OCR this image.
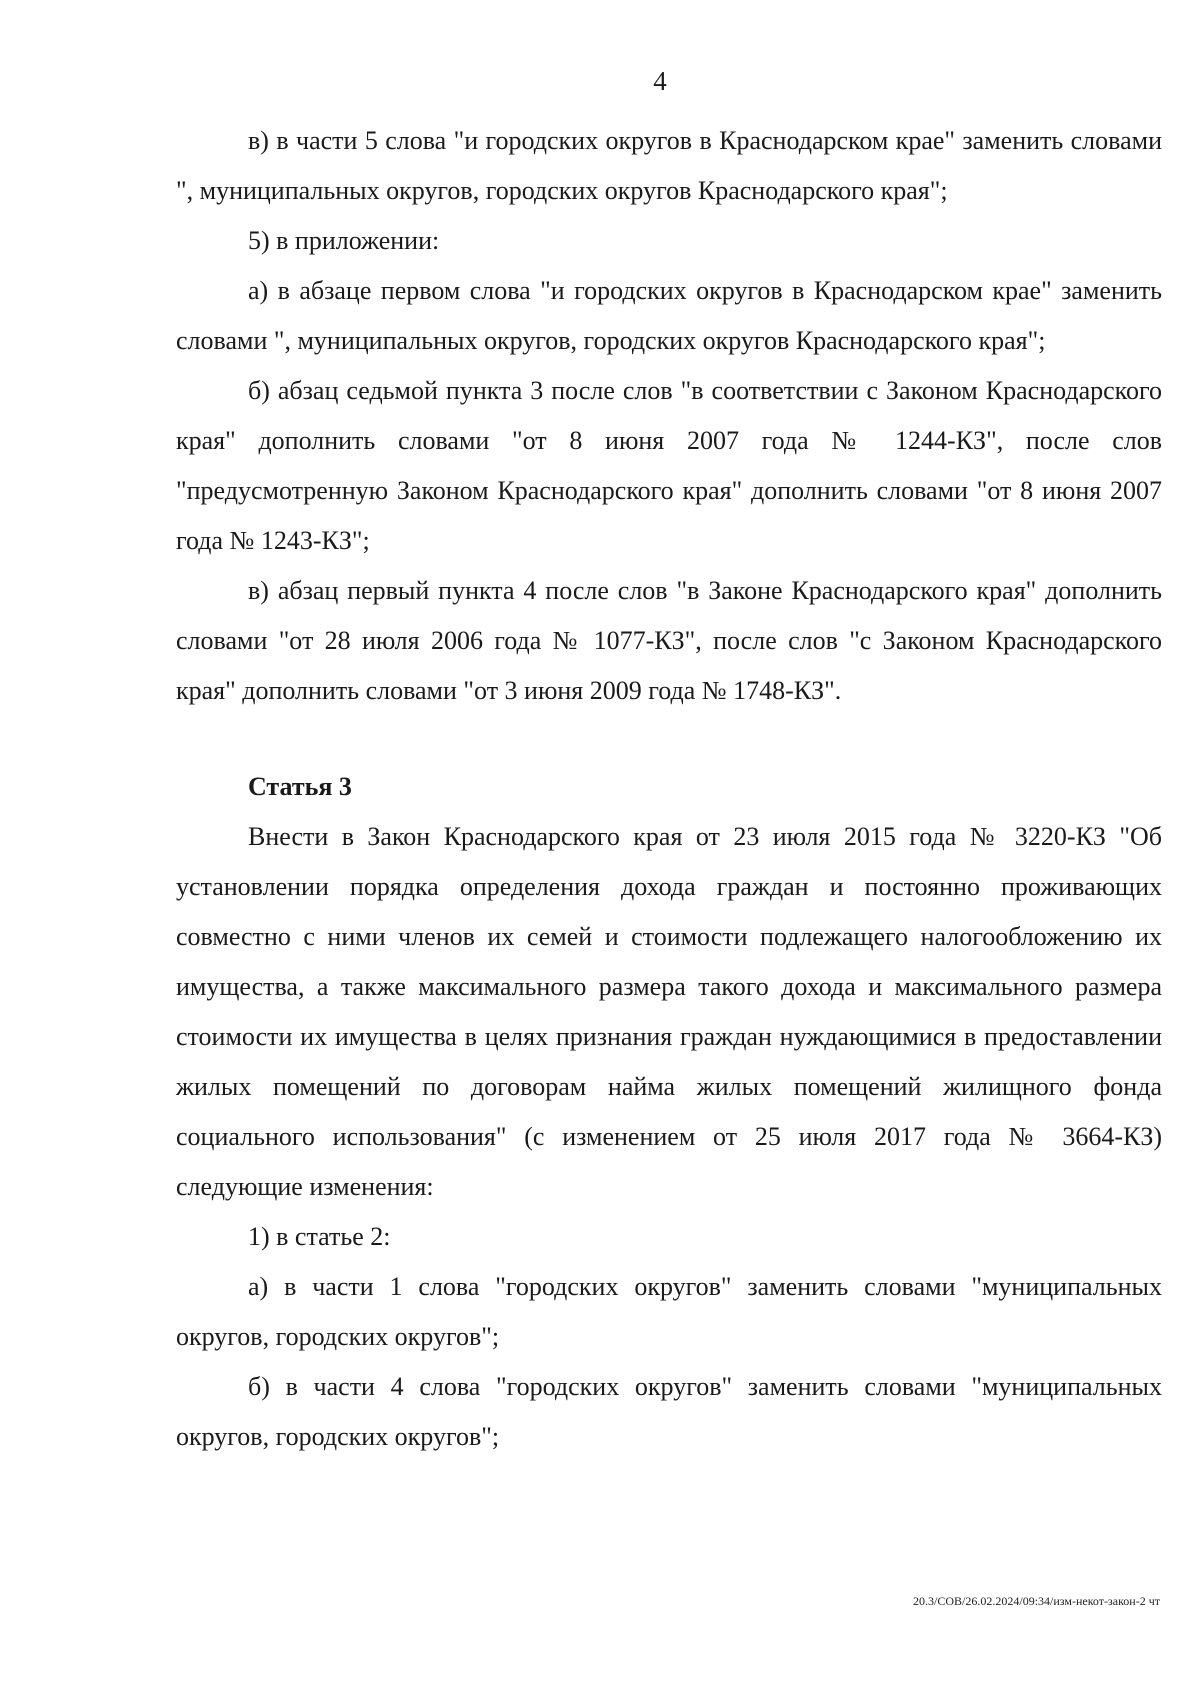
4

в) в части 5 слова "и городских округов в Краснодарском крае" заменить словами ", муниципальных округов, городских округов Краснодарского края";

5) в приложении:

а) в абзаце первом слова "и городских округов в Краснодарском крае" заменить словами ", муниципальных округов, городских округов Краснодарского края";

б) абзац седьмой пункта 3 после слов "в соответствии с Законом Краснодарского края" дополнить словами "от 8 июня 2007 года № 1244-КЗ", после слов "предусмотренную Законом Краснодарского края" дополнить словами "от 8 июня 2007 года № 1243-КЗ";

в) абзац первый пункта 4 после слов "в Законе Краснодарского края" дополнить словами "от 28 июля 2006 года № 1077-КЗ", после слов "с Законом Краснодарского края" дополнить словами "от 3 июня 2009 года № 1748-КЗ".

Статья 3

Внести в Закон Краснодарского края от 23 июля 2015 года № 3220-КЗ "Об установлении порядка определения дохода граждан и постоянно проживающих совместно с ними членов их семей и стоимости подлежащего налогообложению их имущества, а также максимального размера такого дохода и максимального размера стоимости их имущества в целях признания граждан нуждающимися в предоставлении жилых помещений по договорам найма жилых помещений жилищного фонда социального использования" (с изменением от 25 июля 2017 года № 3664-КЗ) следующие изменения:

1) в статье 2:

а) в части 1 слова "городских округов" заменить словами "муниципальных округов, городских округов";

б) в части 4 слова "городских округов" заменить словами "муниципальных округов, городских округов";

20.3/СОВ/26.02.2024/09:34/изм-некот-закон-2 чт
